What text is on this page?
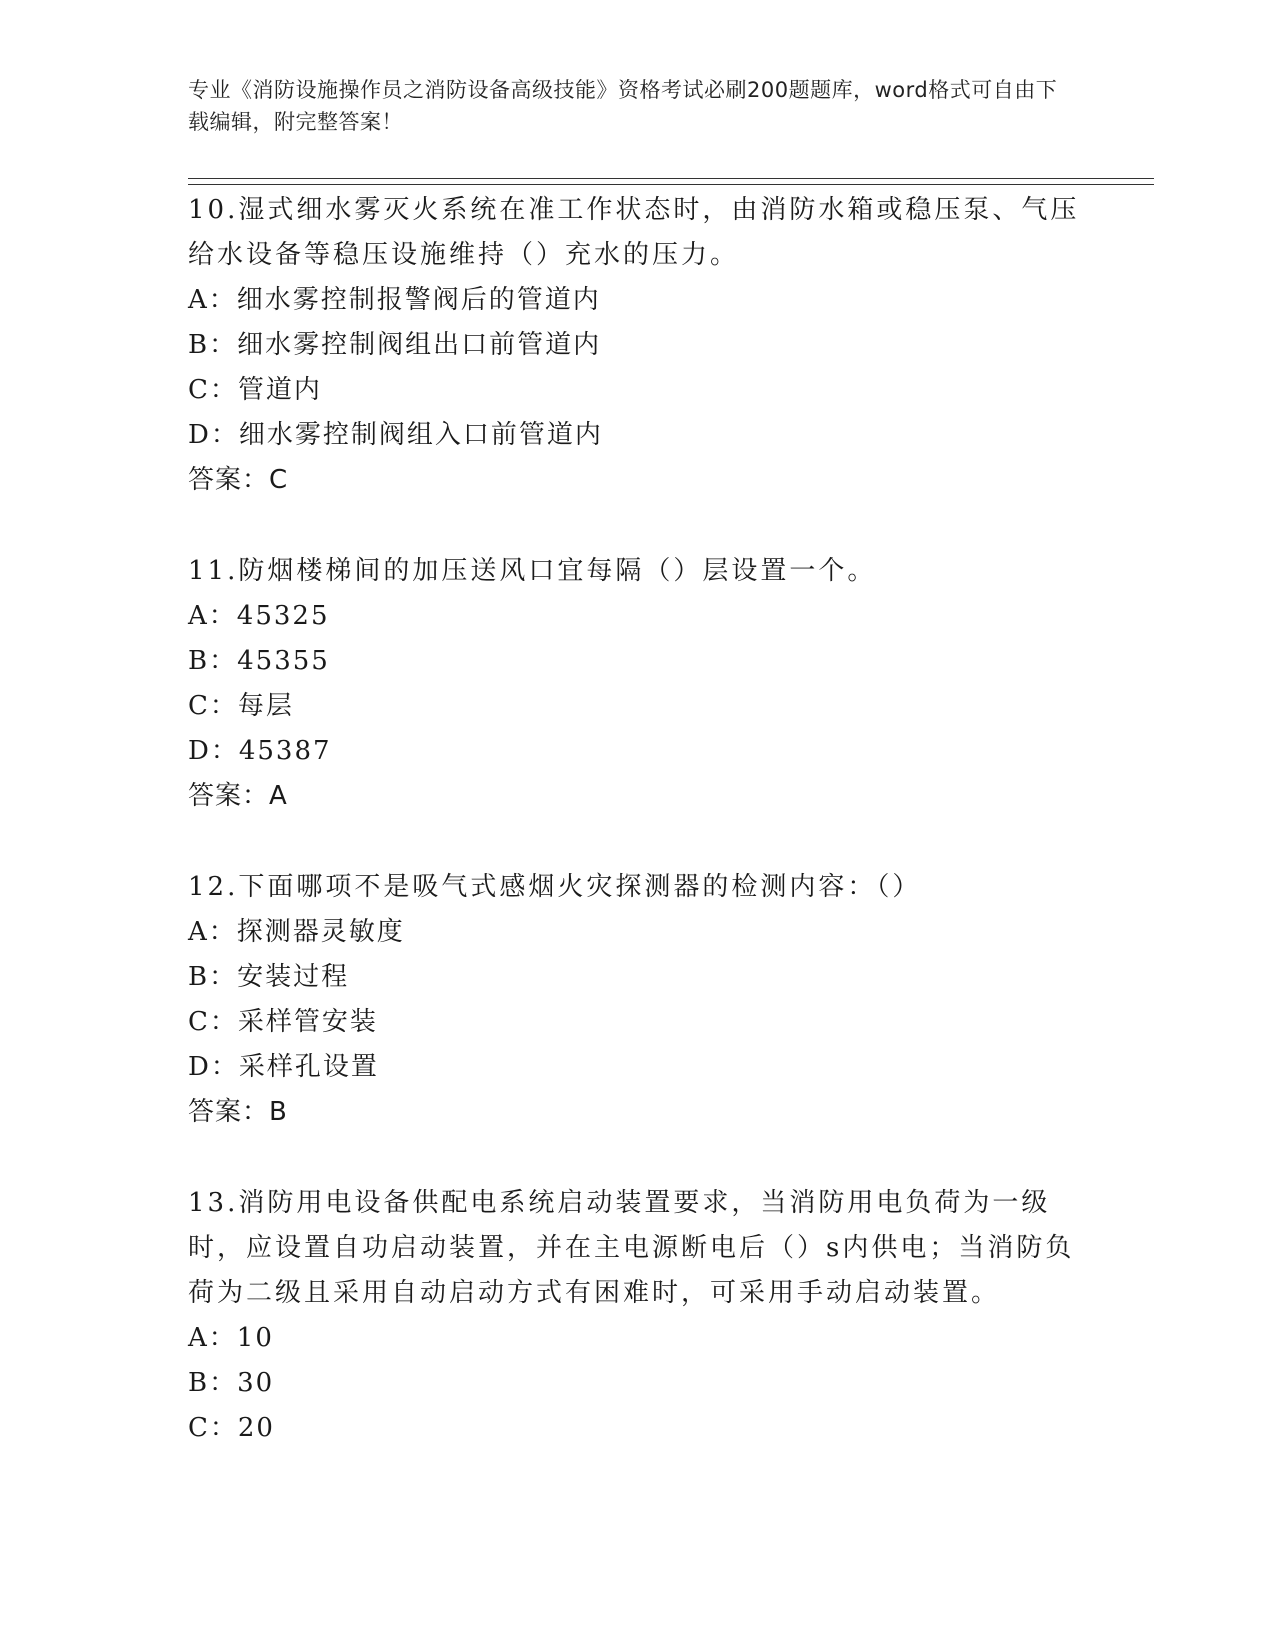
专业《消防设施操作员之消防设备高级技能》资格考试必刷200题题库，word格式可自由下载编辑，附完整答案！

10.湿式细水雾灭火系统在准工作状态时，由消防水箱或稳压泵、气压给水设备等稳压设施维持（）充水的压力。

A：细水雾控制报警阀后的管道内

B：细水雾控制阀组出口前管道内

C：管道内

D：细水雾控制阀组入口前管道内

答案：C

11.防烟楼梯间的加压送风口宜每隔（）层设置一个。

A：45325

B：45355

C：每层

D：45387

答案：A

12.下面哪项不是吸气式感烟火灾探测器的检测内容：（）

A：探测器灵敏度

B：安装过程

C：采样管安装

D：采样孔设置

答案：B

13.消防用电设备供配电系统启动装置要求，当消防用电负荷为一级时，应设置自功启动装置，并在主电源断电后（）s内供电；当消防负荷为二级且采用自动启动方式有困难时，可采用手动启动装置。

A：10

B：30

C：20
